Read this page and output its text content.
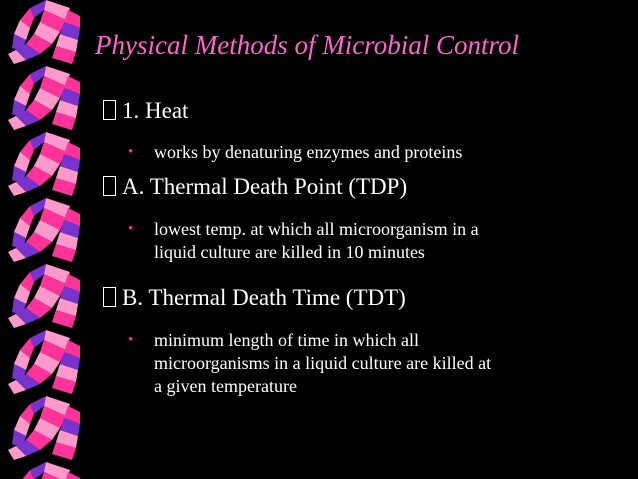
Physical Methods of Microbial Control
1. Heat
•	works by denaturing enzymes and proteins
A. Thermal Death Point (TDP)
•	lowest temp. at which all microorganism in a
liquid culture are killed in 10 minutes
B. Thermal Death Time (TDT)
•	minimum length of time in which all
microorganisms in a liquid culture are killed at
a given temperature
